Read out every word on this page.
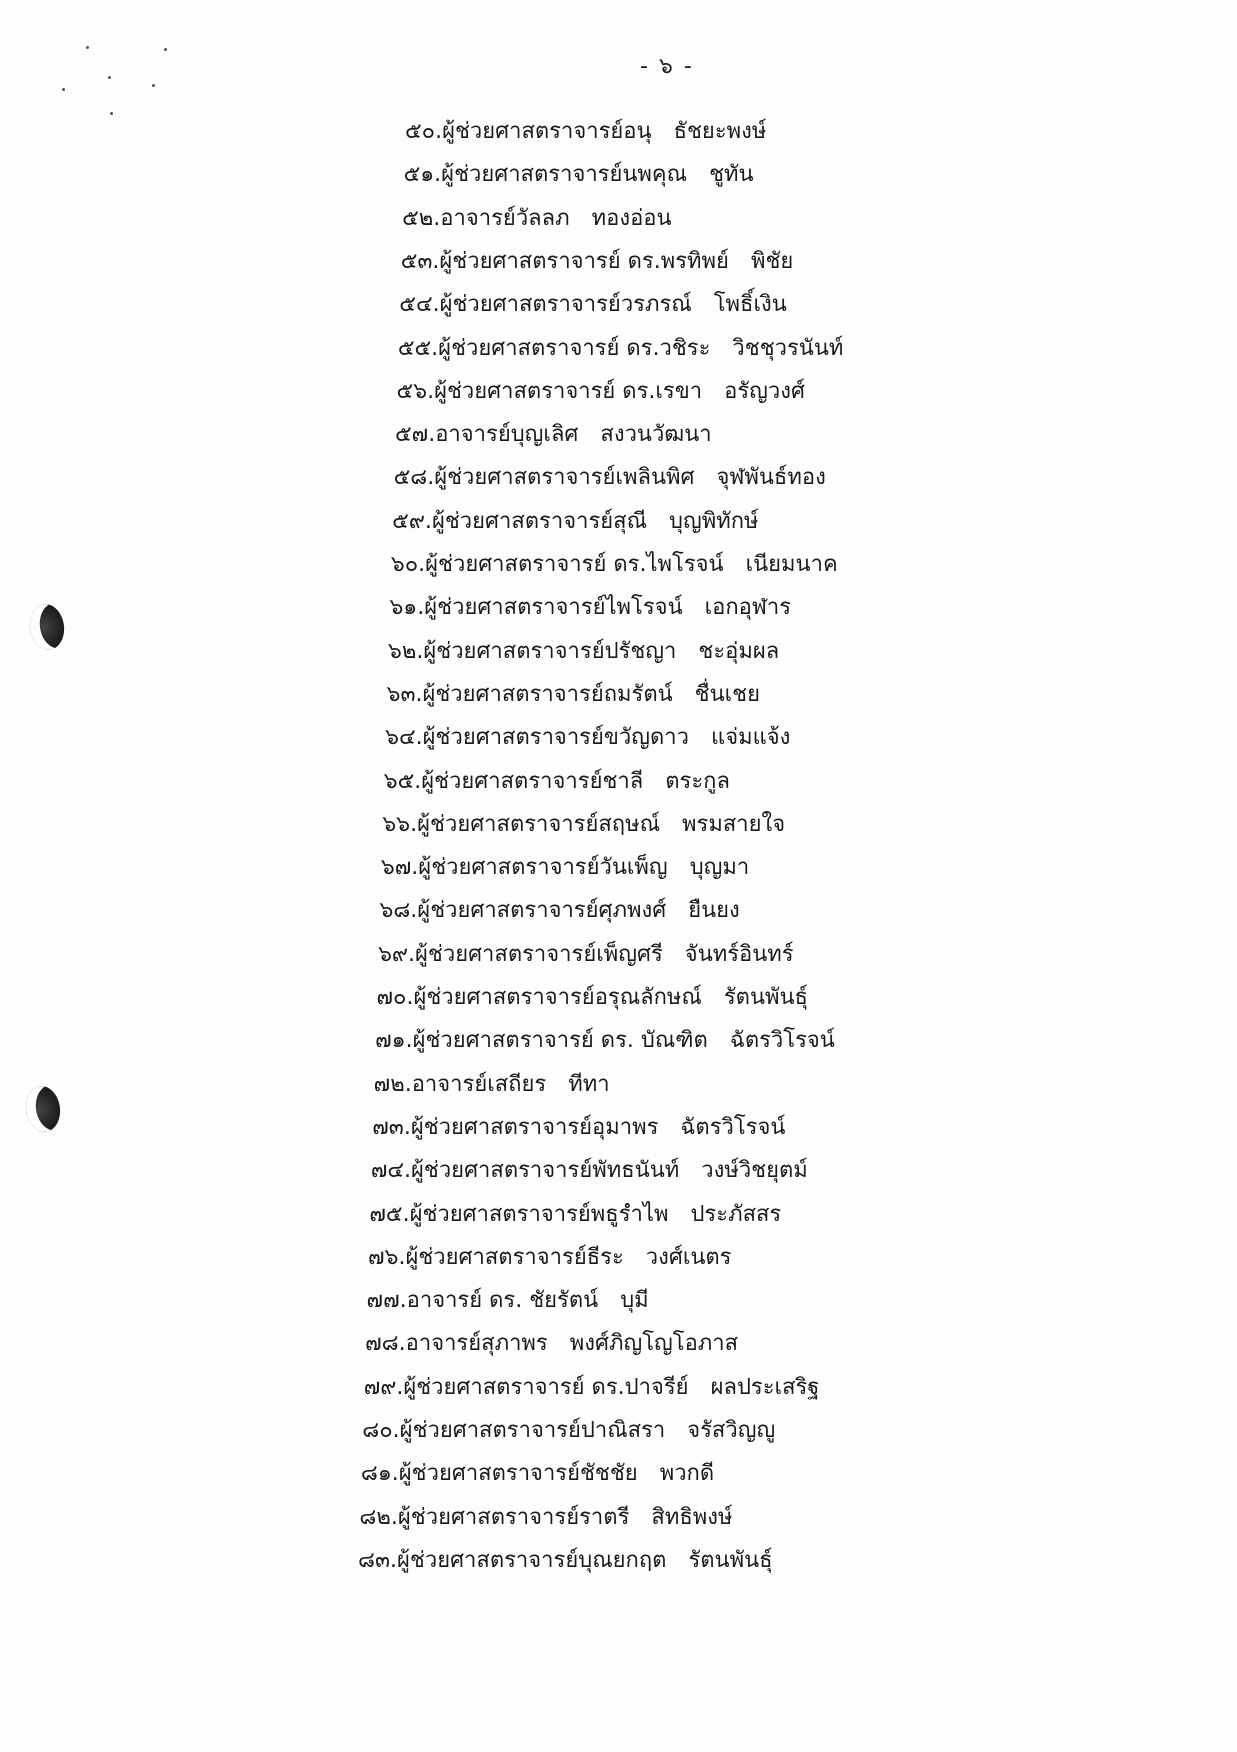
- ๖ -
๕๐.ผู้ช่วยศาสตราจารย์อนุ ธัชยะพงษ์
๕๑.ผู้ช่วยศาสตราจารย์นพคุณ ชูทัน
๕๒.อาจารย์วัลลภ ทองอ่อน
๕๓.ผู้ช่วยศาสตราจารย์ ดร.พรทิพย์ พิชัย
๕๔.ผู้ช่วยศาสตราจารย์วรภรณ์ โพธิ์เงิน
๕๕.ผู้ช่วยศาสตราจารย์ ดร.วชิระ วิชชุวรนันท์
๕๖.ผู้ช่วยศาสตราจารย์ ดร.เรขา อรัญวงศ์
๕๗.อาจารย์บุญเลิศ สงวนวัฒนา
๕๘.ผู้ช่วยศาสตราจารย์เพลินพิศ จุฬพันธ์ทอง
๕๙.ผู้ช่วยศาสตราจารย์สุณี บุญพิทักษ์
๖๐.ผู้ช่วยศาสตราจารย์ ดร.ไพโรจน์ เนียมนาค
๖๑.ผู้ช่วยศาสตราจารย์ไพโรจน์ เอกอุฬาร
๖๒.ผู้ช่วยศาสตราจารย์ปรัชญา ชะอุ่มผล
๖๓.ผู้ช่วยศาสตราจารย์ถมรัตน์ ชื่นเชย
๖๔.ผู้ช่วยศาสตราจารย์ขวัญดาว แจ่มแจ้ง
๖๕.ผู้ช่วยศาสตราจารย์ชาลี ตระกูล
๖๖.ผู้ช่วยศาสตราจารย์สฤษณ์ พรมสายใจ
๖๗.ผู้ช่วยศาสตราจารย์วันเพ็ญ บุญมา
๖๘.ผู้ช่วยศาสตราจารย์ศุภพงศ์ ยืนยง
๖๙.ผู้ช่วยศาสตราจารย์เพ็ญศรี จันทร์อินทร์
๗๐.ผู้ช่วยศาสตราจารย์อรุณลักษณ์ รัตนพันธุ์
๗๑.ผู้ช่วยศาสตราจารย์ ดร. บัณฑิต ฉัตรวิโรจน์
๗๒.อาจารย์เสถียร ทีทา
๗๓.ผู้ช่วยศาสตราจารย์อุมาพร ฉัตรวิโรจน์
๗๔.ผู้ช่วยศาสตราจารย์พัทธนันท์ วงษ์วิชยุตม์
๗๕.ผู้ช่วยศาสตราจารย์พธูรำไพ ประภัสสร
๗๖.ผู้ช่วยศาสตราจารย์ธีระ วงศ์เนตร
๗๗.อาจารย์ ดร. ชัยรัตน์ บุมี
๗๘.อาจารย์สุภาพร พงศ์ภิญโญโอภาส
๗๙.ผู้ช่วยศาสตราจารย์ ดร.ปาจรีย์ ผลประเสริฐ
๘๐.ผู้ช่วยศาสตราจารย์ปาณิสรา จรัสวิญญู
๘๑.ผู้ช่วยศาสตราจารย์ชัชชัย พวกดี
๘๒.ผู้ช่วยศาสตราจารย์ราตรี สิทธิพงษ์
๘๓.ผู้ช่วยศาสตราจารย์บุณยกฤต รัตนพันธุ์
